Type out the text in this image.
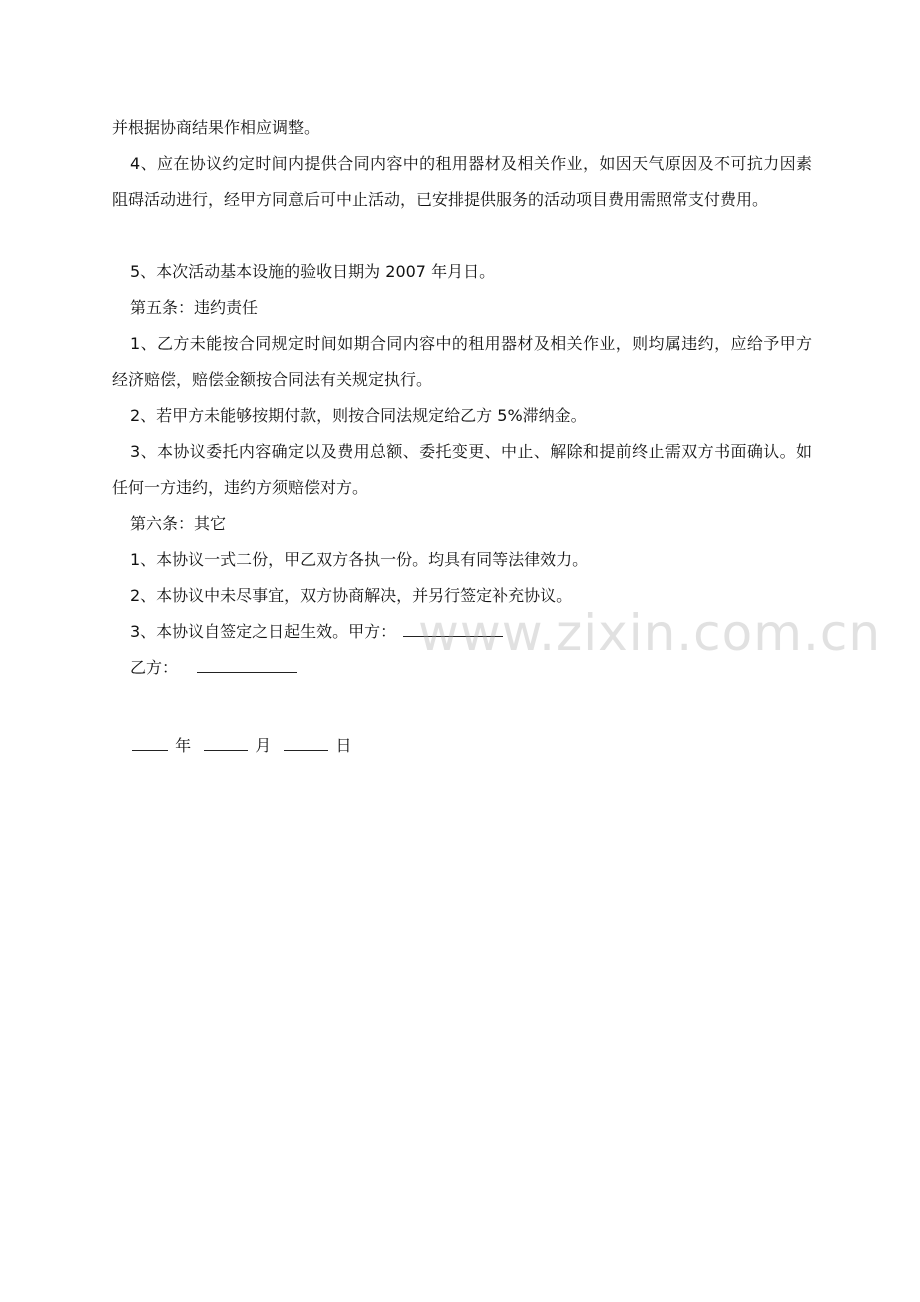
并根据协商结果作相应调整。
4、应在协议约定时间内提供合同内容中的租用器材及相关作业，如因天气原因及不可抗力因素阻碍活动进行，经甲方同意后可中止活动，已安排提供服务的活动项目费用需照常支付费用。
5、本次活动基本设施的验收日期为 2007 年月日。
第五条：违约责任
1、乙方未能按合同规定时间如期合同内容中的租用器材及相关作业，则均属违约，应给予甲方经济赔偿，赔偿金额按合同法有关规定执行。
2、若甲方未能够按期付款，则按合同法规定给乙方 5%滞纳金。
3、本协议委托内容确定以及费用总额、委托变更、中止、解除和提前终止需双方书面确认。如任何一方违约，违约方须赔偿对方。
第六条：其它
1、本协议一式二份，甲乙双方各执一份。均具有同等法律效力。
2、本协议中未尽事宜，双方协商解决，并另行签定补充协议。
3、本协议自签定之日起生效。甲方：
乙方：
年	月	日
www.zixin.com.cn
